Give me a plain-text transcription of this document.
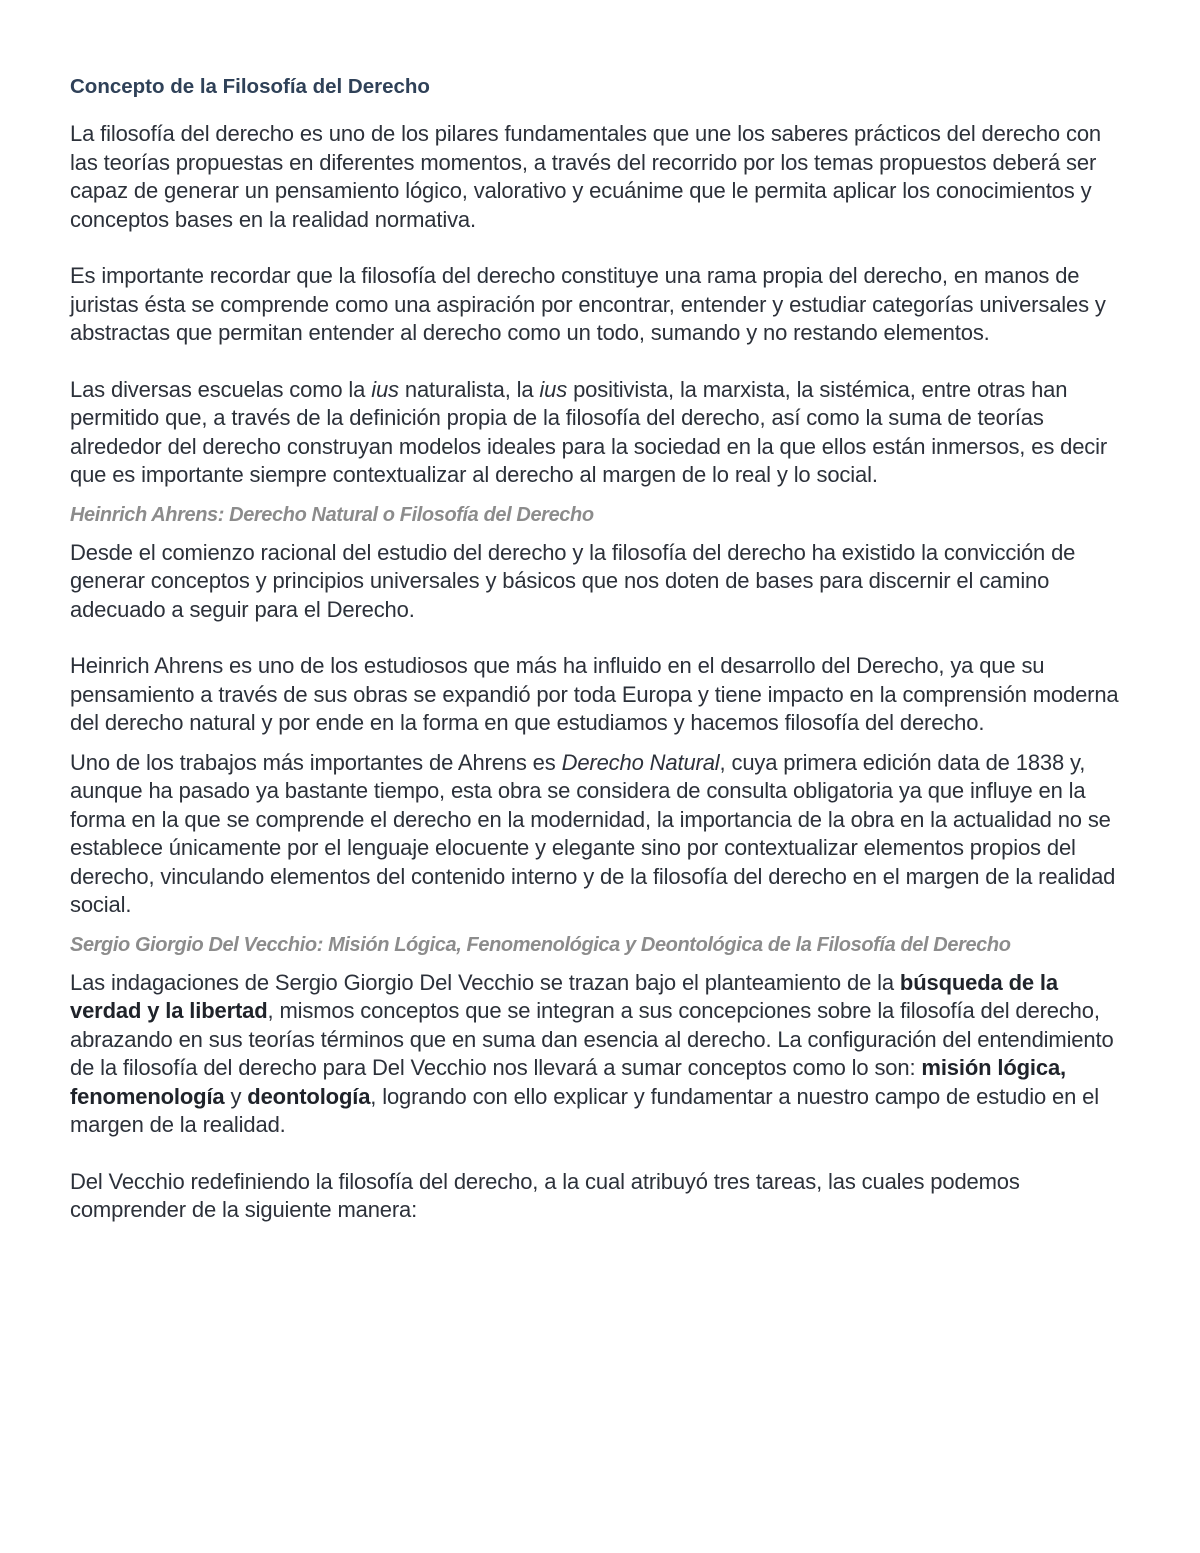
Concepto de la Filosofía del Derecho

La filosofía del derecho es uno de los pilares fundamentales que une los saberes prácticos del derecho con las teorías propuestas en diferentes momentos, a través del recorrido por los temas propuestos deberá ser capaz de generar un pensamiento lógico, valorativo y ecuánime que le permita aplicar los conocimientos y conceptos bases en la realidad normativa.

Es importante recordar que la filosofía del derecho constituye una rama propia del derecho, en manos de juristas ésta se comprende como una aspiración por encontrar, entender y estudiar categorías universales y abstractas que permitan entender al derecho como un todo, sumando y no restando elementos.

Las diversas escuelas como la ius naturalista, la ius positivista, la marxista, la sistémica, entre otras han permitido que, a través de la definición propia de la filosofía del derecho, así como la suma de teorías alrededor del derecho construyan modelos ideales para la sociedad en la que ellos están inmersos, es decir que es importante siempre contextualizar al derecho al margen de lo real y lo social.

Heinrich Ahrens: Derecho Natural o Filosofía del Derecho

Desde el comienzo racional del estudio del derecho y la filosofía del derecho ha existido la convicción de generar conceptos y principios universales y básicos que nos doten de bases para discernir el camino adecuado a seguir para el Derecho.

Heinrich Ahrens es uno de los estudiosos que más ha influido en el desarrollo del Derecho, ya que su pensamiento a través de sus obras se expandió por toda Europa y tiene impacto en la comprensión moderna del derecho natural y por ende en la forma en que estudiamos y hacemos filosofía del derecho.

Uno de los trabajos más importantes de Ahrens es Derecho Natural, cuya primera edición data de 1838 y, aunque ha pasado ya bastante tiempo, esta obra se considera de consulta obligatoria ya que influye en la forma en la que se comprende el derecho en la modernidad, la importancia de la obra en la actualidad no se establece únicamente por el lenguaje elocuente y elegante sino por contextualizar elementos propios del derecho, vinculando elementos del contenido interno y de la filosofía del derecho en el margen de la realidad social.

Sergio Giorgio Del Vecchio: Misión Lógica, Fenomenológica y Deontológica de la Filosofía del Derecho

Las indagaciones de Sergio Giorgio Del Vecchio se trazan bajo el planteamiento de la búsqueda de la verdad y la libertad, mismos conceptos que se integran a sus concepciones sobre la filosofía del derecho, abrazando en sus teorías términos que en suma dan esencia al derecho. La configuración del entendimiento de la filosofía del derecho para Del Vecchio nos llevará a sumar conceptos como lo son: misión lógica, fenomenología y deontología, logrando con ello explicar y fundamentar a nuestro campo de estudio en el margen de la realidad.

Del Vecchio redefiniendo la filosofía del derecho, a la cual atribuyó tres tareas, las cuales podemos comprender de la siguiente manera:
